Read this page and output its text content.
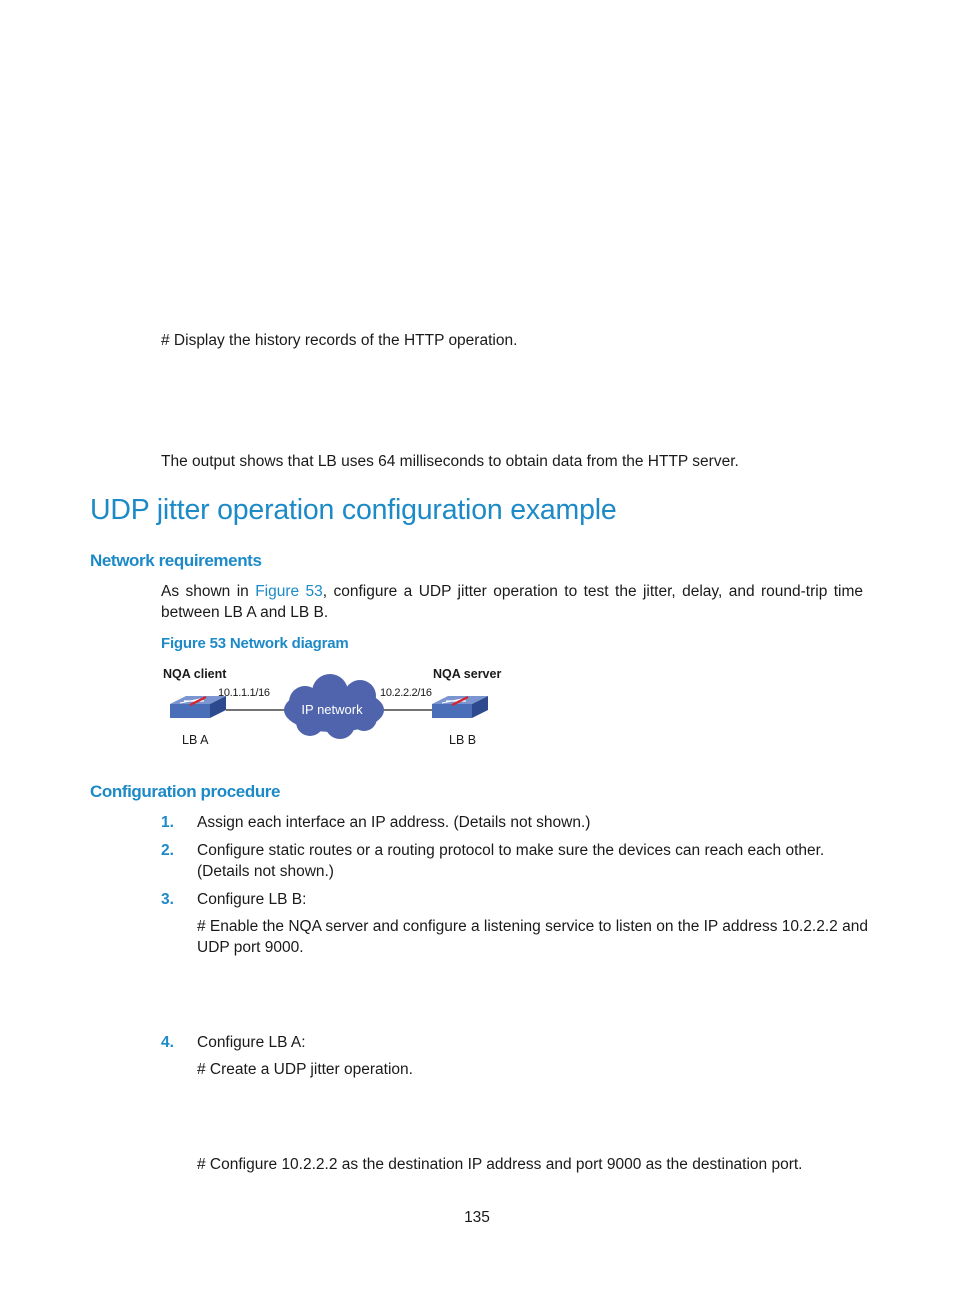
# Display the history records of the HTTP operation.
The output shows that LB uses 64 milliseconds to obtain data from the HTTP server.
UDP jitter operation configuration example
Network requirements
As shown in Figure 53, configure a UDP jitter operation to test the jitter, delay, and round-trip time
between LB A and LB B.
Figure 53 Network diagram
IP network
NQA client	NQA server
10.1.1.1/16	10.2.2.2/16
LB A	LB B
Configuration procedure
1. Assign each interface an IP address. (Details not shown.)
2. Configure static routes or a routing protocol to make sure the devices can reach each other.
(Details not shown.)
3. Configure LB B:
# Enable the NQA server and configure a listening service to listen on the IP address 10.2.2.2 and
UDP port 9000.
4. Configure LB A:
# Create a UDP jitter operation.
# Configure 10.2.2.2 as the destination IP address and port 9000 as the destination port.
135
